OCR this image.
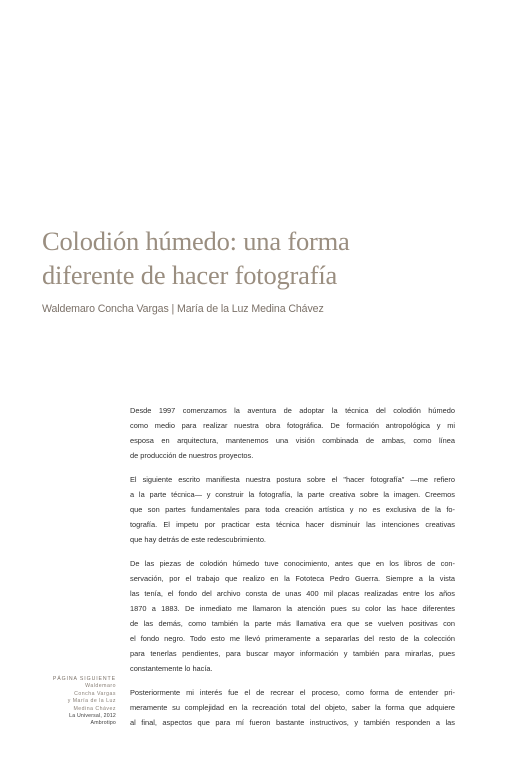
Colodión húmedo: una forma
diferente de hacer fotografía
Waldemaro Concha Vargas | María de la Luz Medina Chávez
PÁGINA SIGUIENTE
Waldemaro
Concha Vargas
y María de la Luz
Medina Chávez
La Universal, 2012
Ambrotipo

Desde 1997 comenzamos la aventura de adoptar la técnica del colodión húmedo
como medio para realizar nuestra obra fotográfica. De formación antropológica y mi
esposa en arquitectura, mantenemos una visión combinada de ambas, como línea
de producción de nuestros proyectos.

El siguiente escrito manifiesta nuestra postura sobre el "hacer fotografía" —me refiero
a la parte técnica— y construir la fotografía, la parte creativa sobre la imagen. Creemos
que son partes fundamentales para toda creación artística y no es exclusiva de la fo-
tografía. El impetu por practicar esta técnica hacer disminuir las intenciones creativas
que hay detrás de este redescubrimiento.

De las piezas de colodión húmedo tuve conocimiento, antes que en los libros de con-
servación, por el trabajo que realizo en la Fototeca Pedro Guerra. Siempre a la vista
las tenía, el fondo del archivo consta de unas 400 mil placas realizadas entre los años
1870 a 1883. De inmediato me llamaron la atención pues su color las hace diferentes
de las demás, como también la parte más llamativa era que se vuelven positivas con
el fondo negro. Todo esto me llevó primeramente a separarlas del resto de la colección
para tenerlas pendientes, para buscar mayor información y también para mirarlas, pues
constantemente lo hacía.

Posteriormente mi interés fue el de recrear el proceso, como forma de entender pri-
meramente su complejidad en la recreación total del objeto, saber la forma que adquiere
al final, aspectos que para mí fueron bastante instructivos, y también responden a las
